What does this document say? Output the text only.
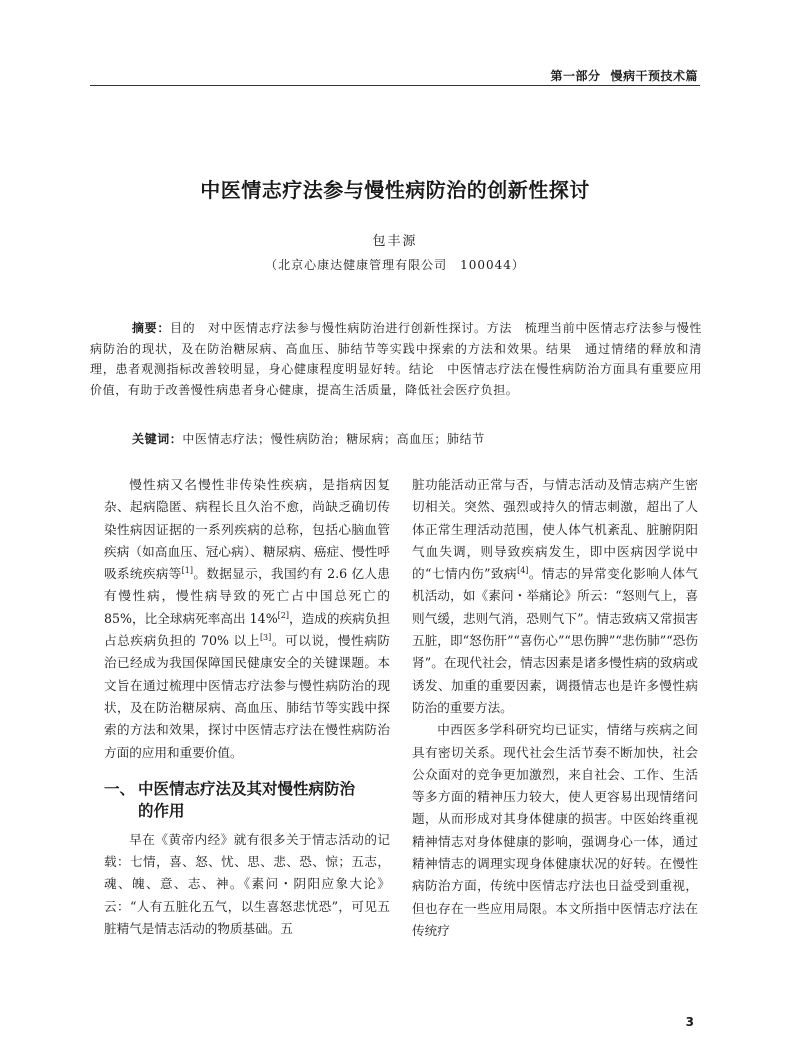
第一部分 慢病干预技术篇
中医情志疗法参与慢性病防治的创新性探讨
包丰源
（北京心康达健康管理有限公司　100044）
摘要：目的　对中医情志疗法参与慢性病防治进行创新性探讨。方法　梳理当前中医情志疗法参与慢性病防治的现状，及在防治糖尿病、高血压、肺结节等实践中探索的方法和效果。结果　通过情绪的释放和清理，患者观测指标改善较明显，身心健康程度明显好转。结论　中医情志疗法在慢性病防治方面具有重要应用价值，有助于改善慢性病患者身心健康，提高生活质量，降低社会医疗负担。
关键词：中医情志疗法；慢性病防治；糖尿病；高血压；肺结节

慢性病又名慢性非传染性疾病，是指病因复杂、起病隐匿、病程长且久治不愈，尚缺乏确切传染性病因证据的一系列疾病的总称，包括心脑血管疾病（如高血压、冠心病）、糖尿病、癌症、慢性呼吸系统疾病等[1]。数据显示，我国约有 2.6 亿人患有慢性病，慢性病导致的死亡占中国总死亡的 85%，比全球病死率高出 14%[2]，造成的疾病负担占总疾病负担的 70% 以上[3]。可以说，慢性病防治已经成为我国保障国民健康安全的关键课题。本文旨在通过梳理中医情志疗法参与慢性病防治的现状，及在防治糖尿病、高血压、肺结节等实践中探索的方法和效果，探讨中医情志疗法在慢性病防治方面的应用和重要价值。

一、 中医情志疗法及其对慢性病防治
的作用

早在《黄帝内经》就有很多关于情志活动的记载：七情，喜、怒、忧、思、悲、恐、惊；五志，魂、魄、意、志、神。《素问・阴阳应象大论》云：“人有五脏化五气，以生喜怒悲忧恐”，可见五脏精气是情志活动的物质基础。五

脏功能活动正常与否，与情志活动及情志病产生密切相关。突然、强烈或持久的情志刺激，超出了人体正常生理活动范围，使人体气机紊乱、脏腑阴阳气血失调，则导致疾病发生，即中医病因学说中的“七情内伤”致病[4]。情志的异常变化影响人体气机活动，如《素问・举痛论》所云：“怒则气上，喜则气缓，悲则气消，恐则气下”。情志致病又常损害五脏，即“怒伤肝”“喜伤心”“思伤脾”“悲伤肺”“恐伤肾”。在现代社会，情志因素是诸多慢性病的致病或诱发、加重的重要因素，调摄情志也是许多慢性病防治的重要方法。

中西医多学科研究均已证实，情绪与疾病之间具有密切关系。现代社会生活节奏不断加快，社会公众面对的竞争更加激烈，来自社会、工作、生活等多方面的精神压力较大，使人更容易出现情绪问题，从而形成对其身体健康的损害。中医始终重视精神情志对身体健康的影响，强调身心一体，通过精神情志的调理实现身体健康状况的好转。在慢性病防治方面，传统中医情志疗法也日益受到重视，但也存在一些应用局限。本文所指中医情志疗法在传统疗

3
